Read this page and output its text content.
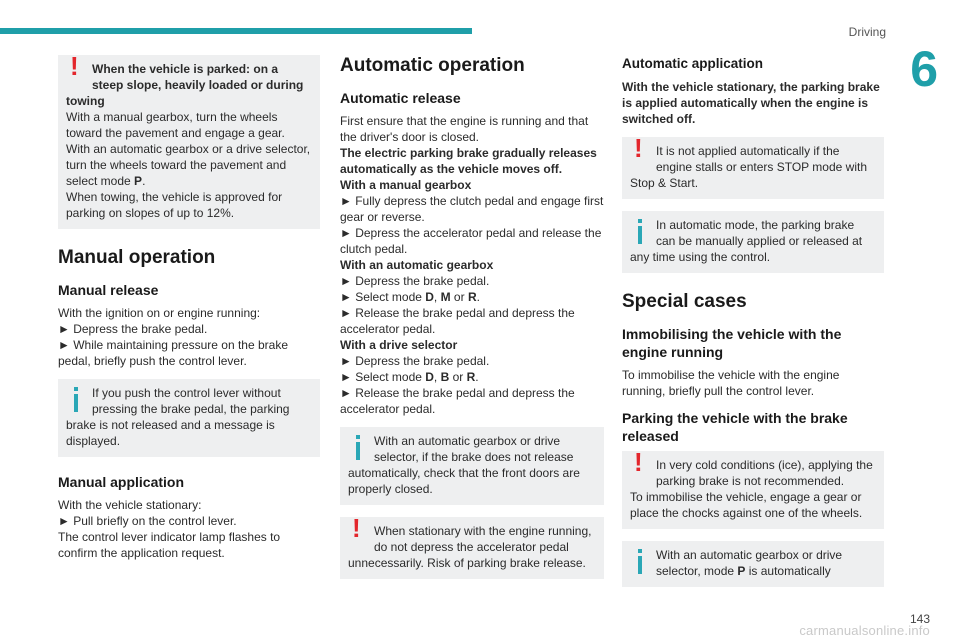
Driving
6
!

When the vehicle is parked: on a
steep slope, heavily loaded or during

towing

With a manual gearbox, turn the wheels toward the pavement and engage a gear.

With an automatic gearbox or a drive selector, turn the wheels toward the pavement and select mode P.

When towing, the vehicle is approved for parking on slopes of up to 12%.

Manual operation
Manual release

With the ignition on or engine running:

► Depress the brake pedal.

► While maintaining pressure on the brake pedal, briefly push the control lever.

If you push the control lever without

pressing the brake pedal, the parking brake is not released and a message is displayed.

Manual application

With the vehicle stationary:

► Pull briefly on the control lever.

The control lever indicator lamp flashes to confirm the application request.

Automatic operation
Automatic release

First ensure that the engine is running and that the driver's door is closed.

The electric parking brake gradually releases automatically as the vehicle moves off.

With a manual gearbox

► Fully depress the clutch pedal and engage first gear or reverse.

► Depress the accelerator pedal and release the clutch pedal.

With an automatic gearbox

► Depress the brake pedal.

► Select mode D, M or R.

► Release the brake pedal and depress the accelerator pedal.

With a drive selector

► Depress the brake pedal.

► Select mode D, B or R.

► Release the brake pedal and depress the accelerator pedal.

With an automatic gearbox or drive

selector, if the brake does not release automatically, check that the front doors are properly closed.

!

When stationary with the engine running,

do not depress the accelerator pedal unnecessarily. Risk of parking brake release.

Automatic application

With the vehicle stationary, the parking brake is applied automatically when the engine is switched off.

!

It is not applied automatically if the

engine stalls or enters STOP mode with Stop & Start.

In automatic mode, the parking brake

can be manually applied or released at any time using the control.

Special cases
Immobilising the vehicle with the engine running

To immobilise the vehicle with the engine running, briefly pull the control lever.

Parking the vehicle with the brake released
!

In very cold conditions (ice), applying the

parking brake is not recommended.

To immobilise the vehicle, engage a gear or place the chocks against one of the wheels.

With an automatic gearbox or drive

selector, mode P is automatically

143
carmanualsonline.info
